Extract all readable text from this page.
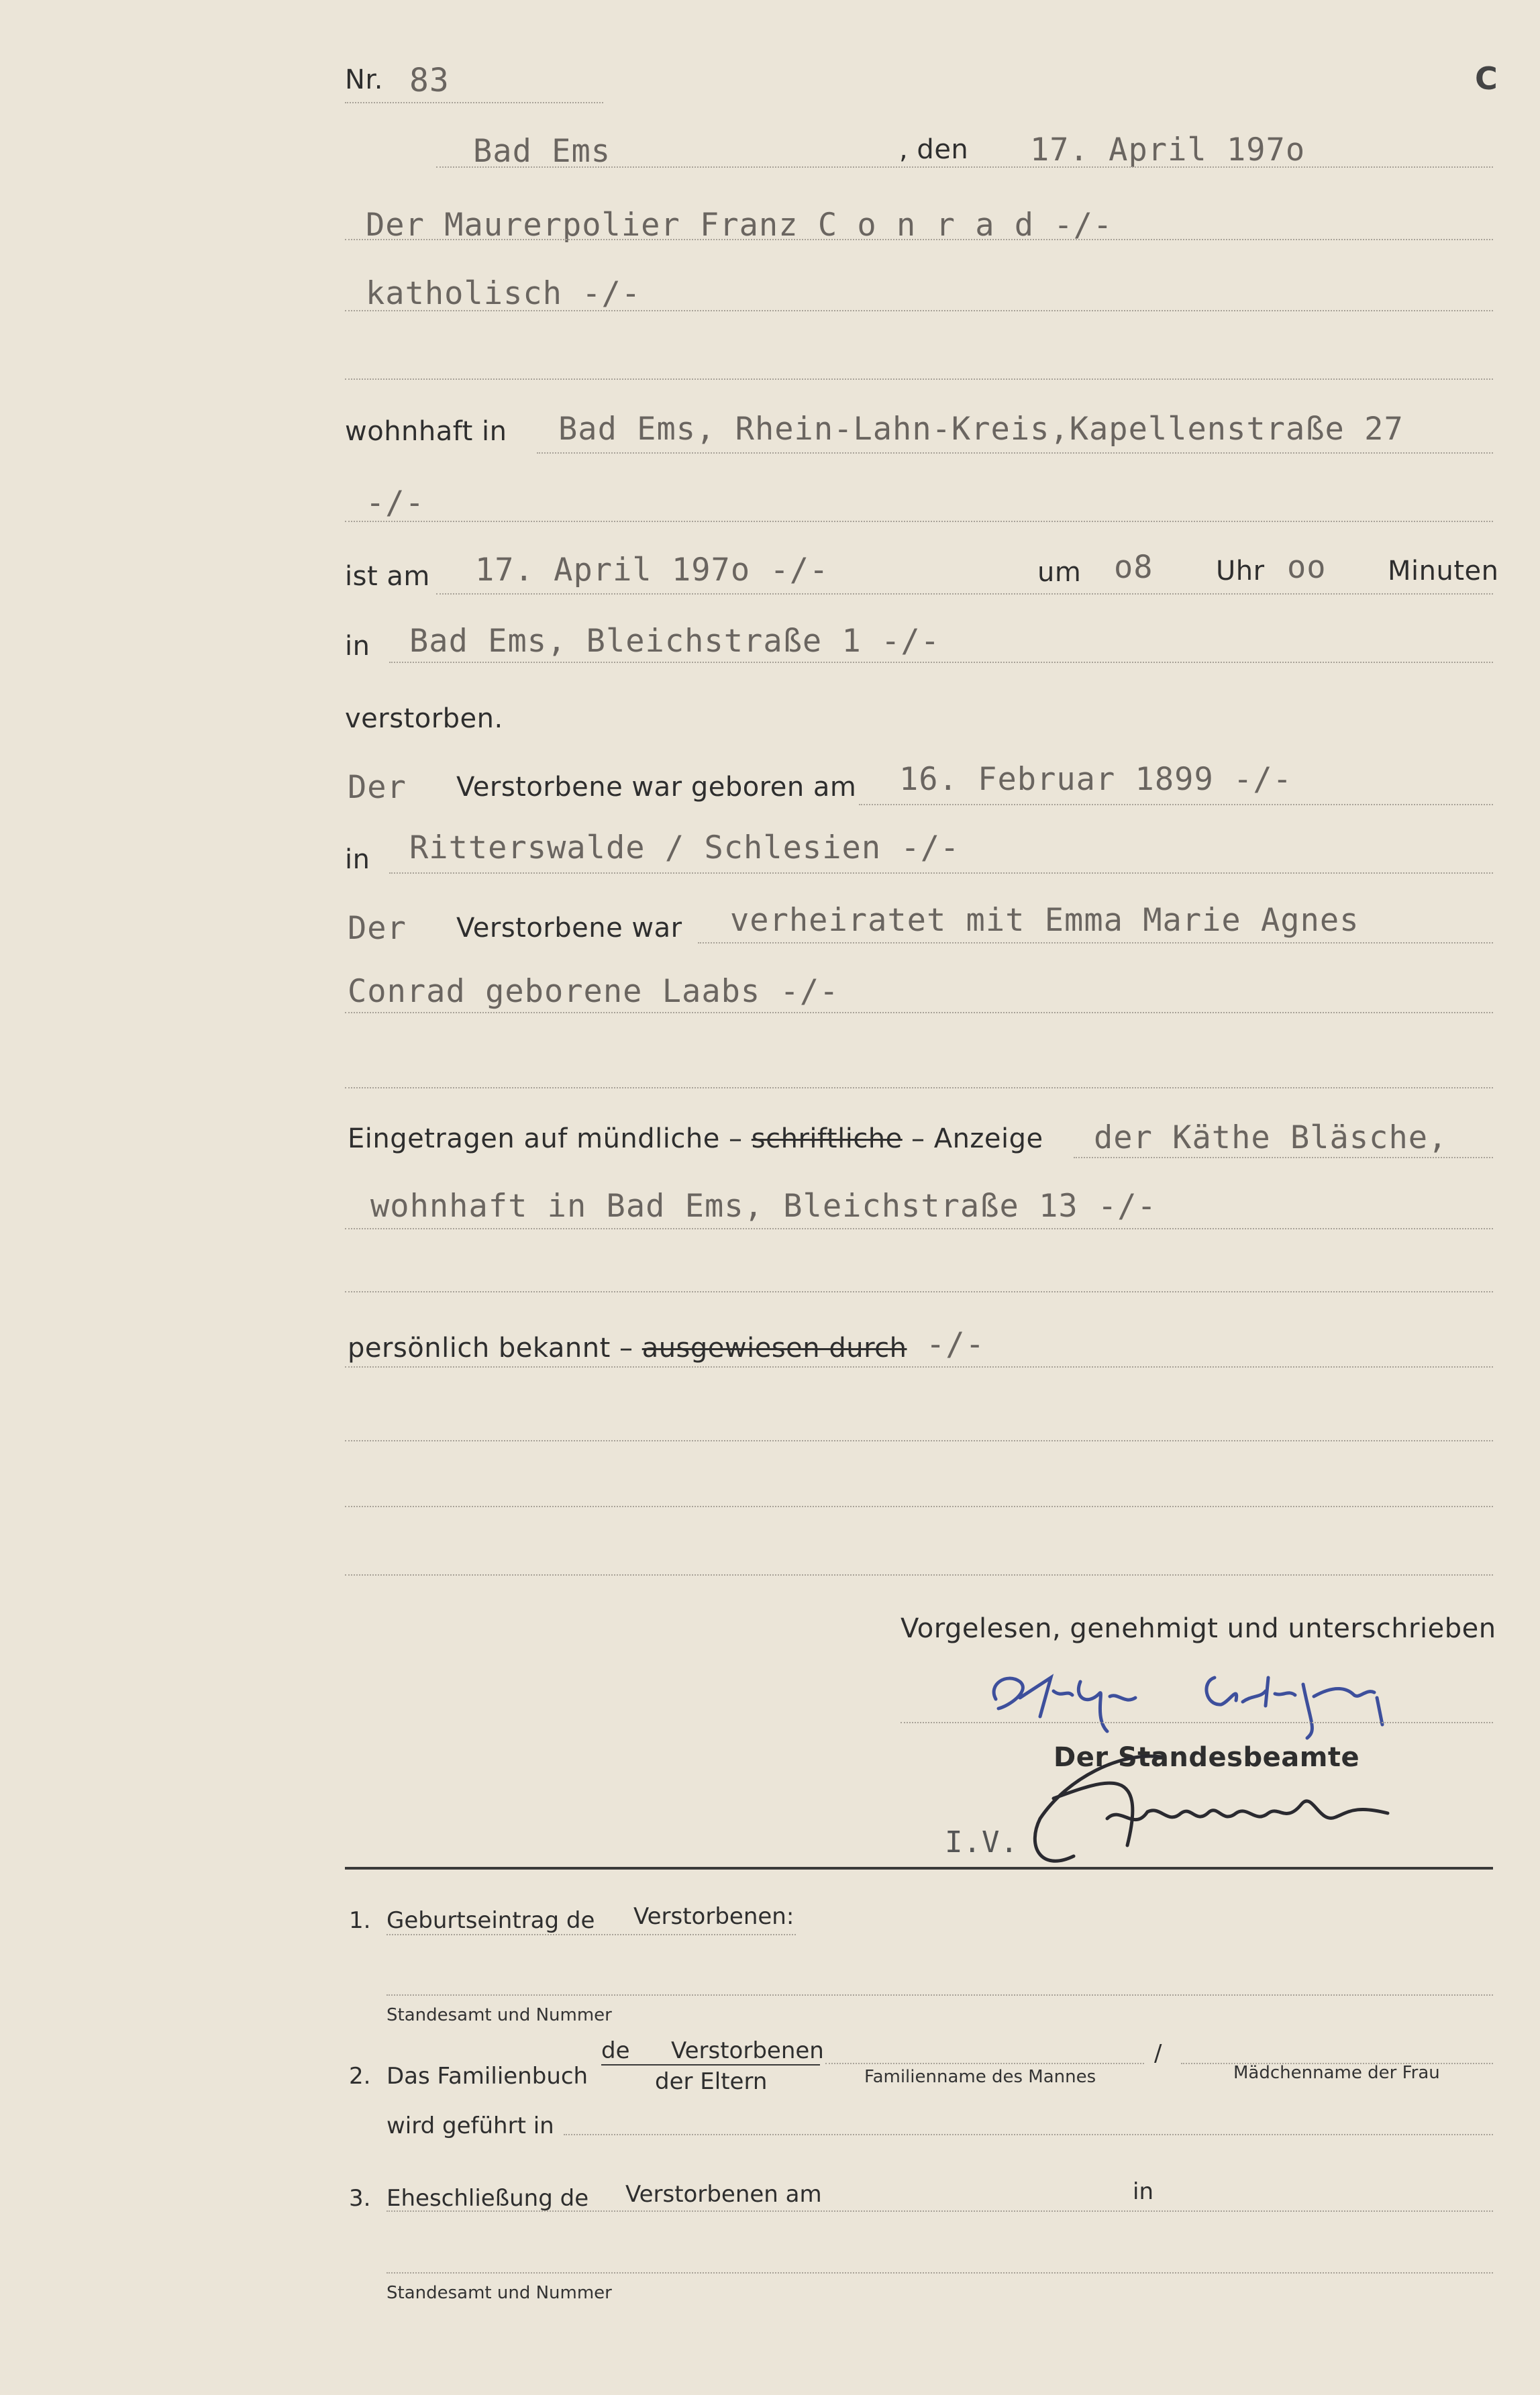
Nr. 83	C
Bad Ems	, den 17. April 197o
Der Maurerpolier Franz C o n r a d -/-
katholisch -/-
wohnhaft in Bad Ems, Rhein-Lahn-Kreis,Kapellenstraße 27
-/-
ist am 17. April 197o -/-	um o8 Uhr oo Minuten
in Bad Ems, Bleichstraße 1 -/-
verstorben.
Der Verstorbene war geboren am 16. Februar 1899 -/-
in Ritterswalde / Schlesien -/-
Der Verstorbene war verheiratet mit Emma Marie Agnes
Conrad geborene Laabs -/-
Eingetragen auf mündliche – schriftliche – Anzeige der Käthe Bläsche,
wohnhaft in Bad Ems, Bleichstraße 13 -/-
persönlich bekannt – ausgewiesen durch -/-
Vorgelesen, genehmigt und unterschrieben
Käthe Bläsche
Der Standesbeamte
I.V.
Heinrich
1. Geburtseintrag de Verstorbenen:
Standesamt und Nummer
2. Das Familienbuch
de Verstorbenen
der Eltern	Familienname des Mannes
/
Mädchenname der Frau
wird geführt in
3. Eheschließung de Verstorbenen am	in
Standesamt und Nummer
